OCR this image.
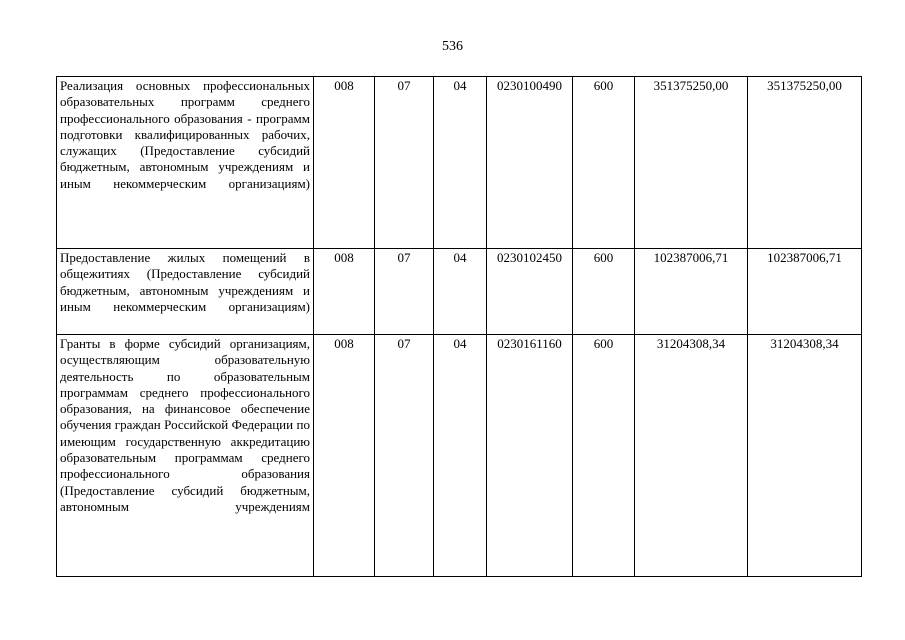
536
Реализация основных профессиональных образовательных программ среднего профессионального образования - программ подготовки квалифицированных рабочих, служащих (Предоставление субсидий бюджетным, автономным учреждениям и иным некоммерческим организациям)	008	07	04	0230100490	600	351375250,00	351375250,00
Предоставление жилых помещений в общежитиях (Предоставление субсидий бюджетным, автономным учреждениям и иным некоммерческим организациям)	008	07	04	0230102450	600	102387006,71	102387006,71
Гранты в форме субсидий организациям, осуществляющим образовательную деятельность по образовательным программам среднего профессионального образования, на финансовое обеспечение обучения граждан Российской Федерации по имеющим государственную аккредитацию образовательным программам среднего профессионального образования (Предоставление субсидий бюджетным, автономным учреждениям	008	07	04	0230161160	600	31204308,34	31204308,34
